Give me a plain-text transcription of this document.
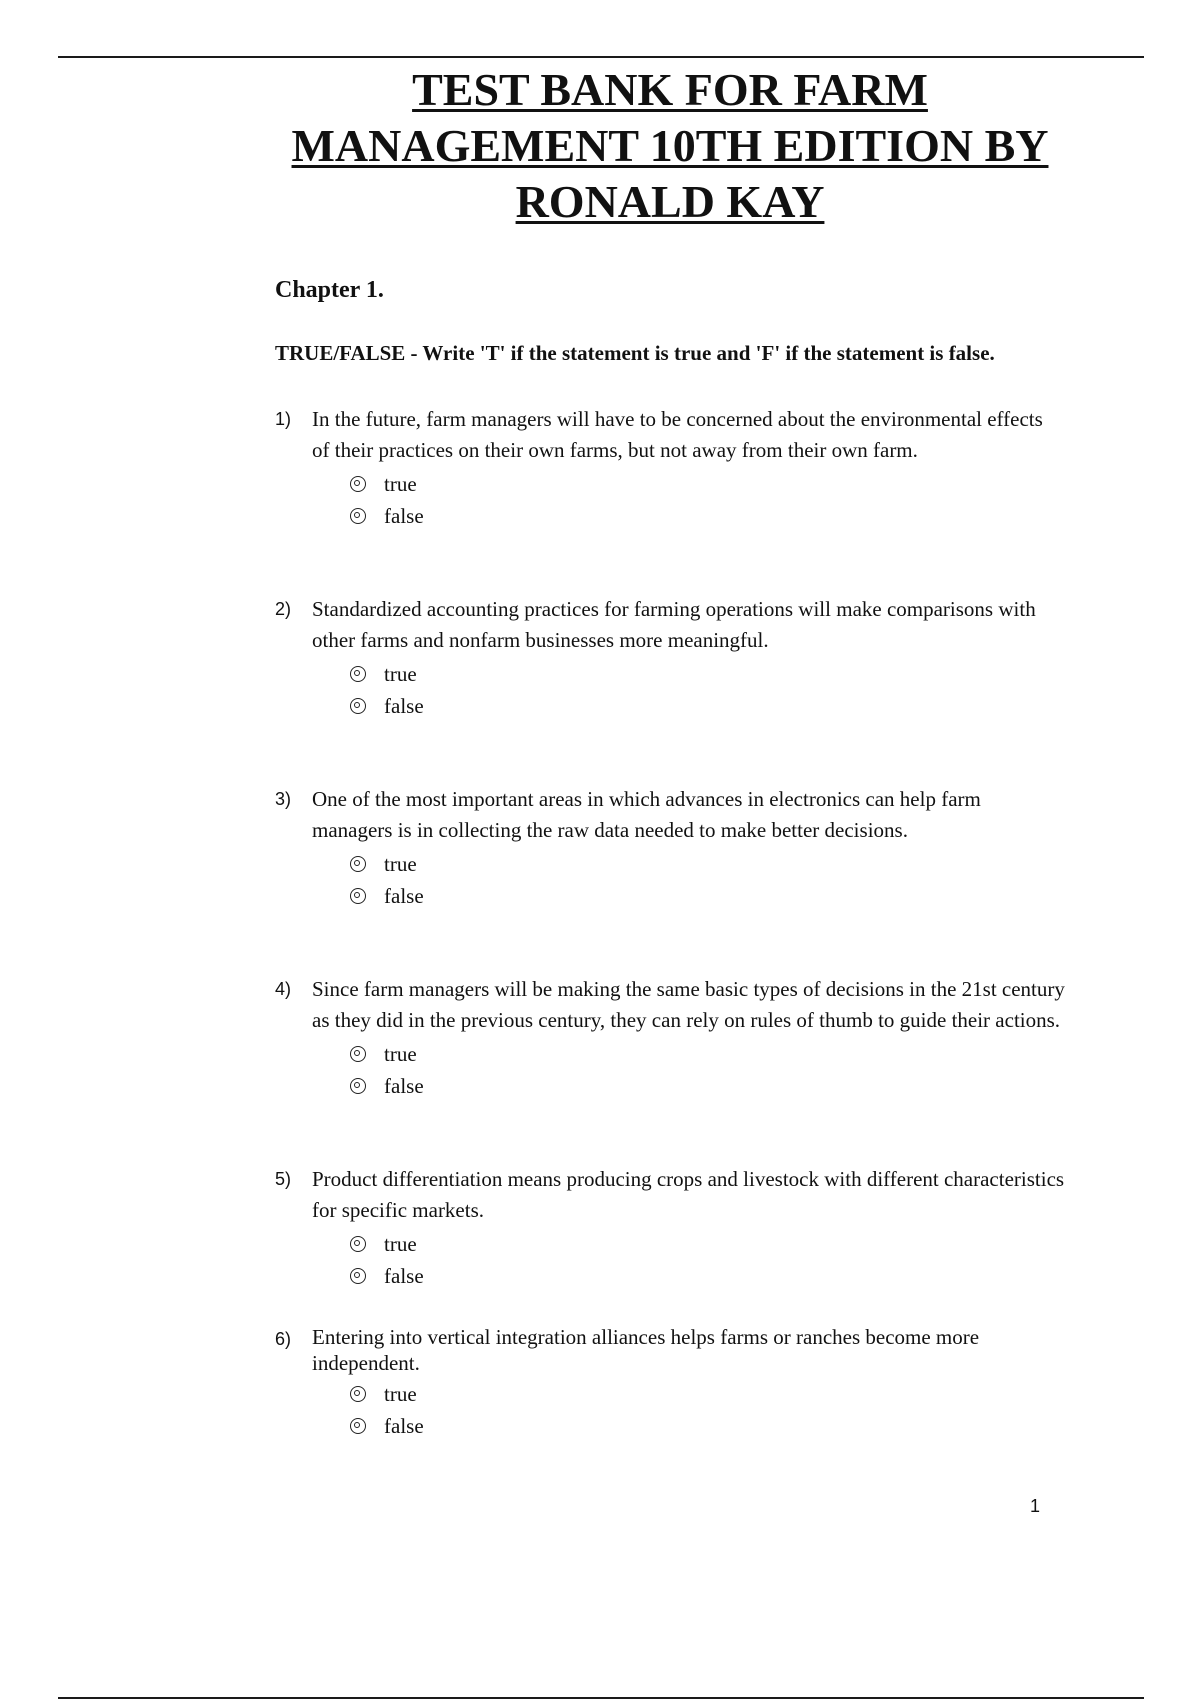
TEST BANK FOR FARM MANAGEMENT 10TH EDITION BY RONALD KAY
Chapter 1.

TRUE/FALSE - Write 'T' if the statement is true and 'F' if the statement is false.

1) In the future, farm managers will have to be concerned about the environmental effects of their practices on their own farms, but not away from their own farm.
true
false
2) Standardized accounting practices for farming operations will make comparisons with other farms and nonfarm businesses more meaningful.
true
false
3) One of the most important areas in which advances in electronics can help farm managers is in collecting the raw data needed to make better decisions.
true
false
4) Since farm managers will be making the same basic types of decisions in the 21st century as they did in the previous century, they can rely on rules of thumb to guide their actions.
true
false
5) Product differentiation means producing crops and livestock with different characteristics for specific markets.
true
false
6) Entering into vertical integration alliances helps farms or ranches become more independent.
true
false
1
